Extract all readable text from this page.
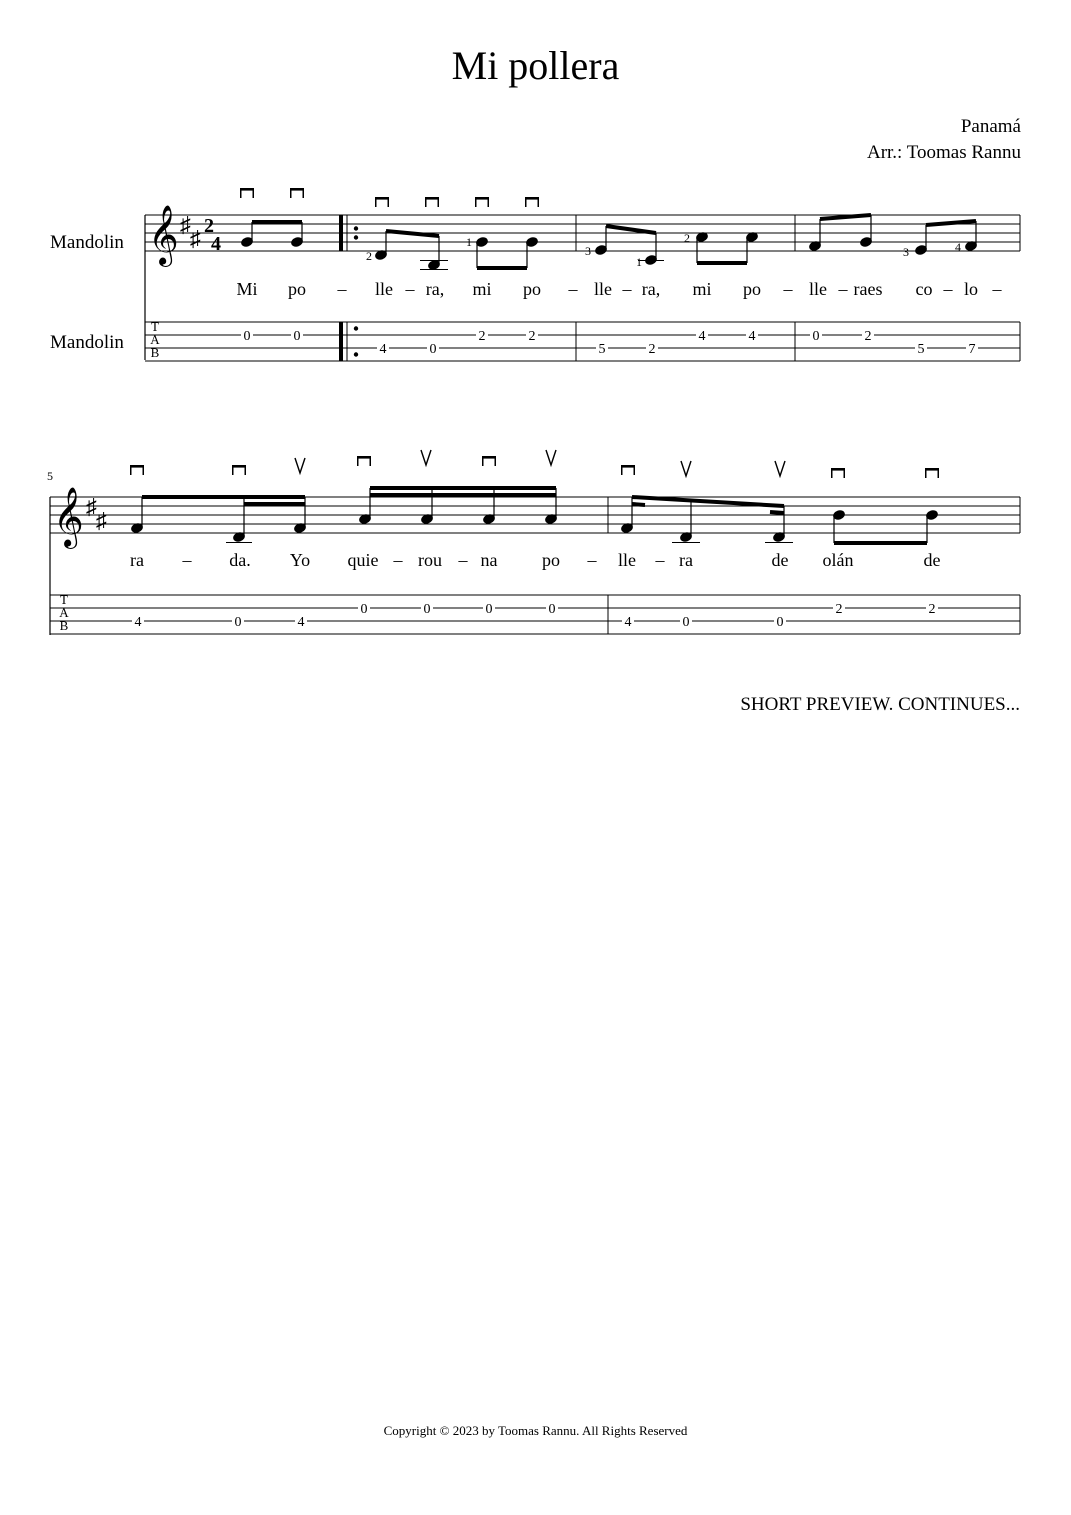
Mi pollera
Panamá
Arr.: Toomas Rannu
Mandolin
Mandolin
SHORT PREVIEW. CONTINUES...
Copyright © 2023 by Toomas Rannu. All Rights Reserved
𝄞 ♯
♯ 2
4
2
1
3
1
2
3	4
Mi po – lle – ra, mi po – lle – ra, mi po – lle – raes co – lo –
T
A
B
0	0
4	0
2	2
5	2
4	4	0	2
5	7
5
𝄞 ♯
♯
ra – da. Yo quie – rou – na po – lle – ra	de olán	de
T
A
B	4	0	4
0	0	0	0
4	0	0
2	2
